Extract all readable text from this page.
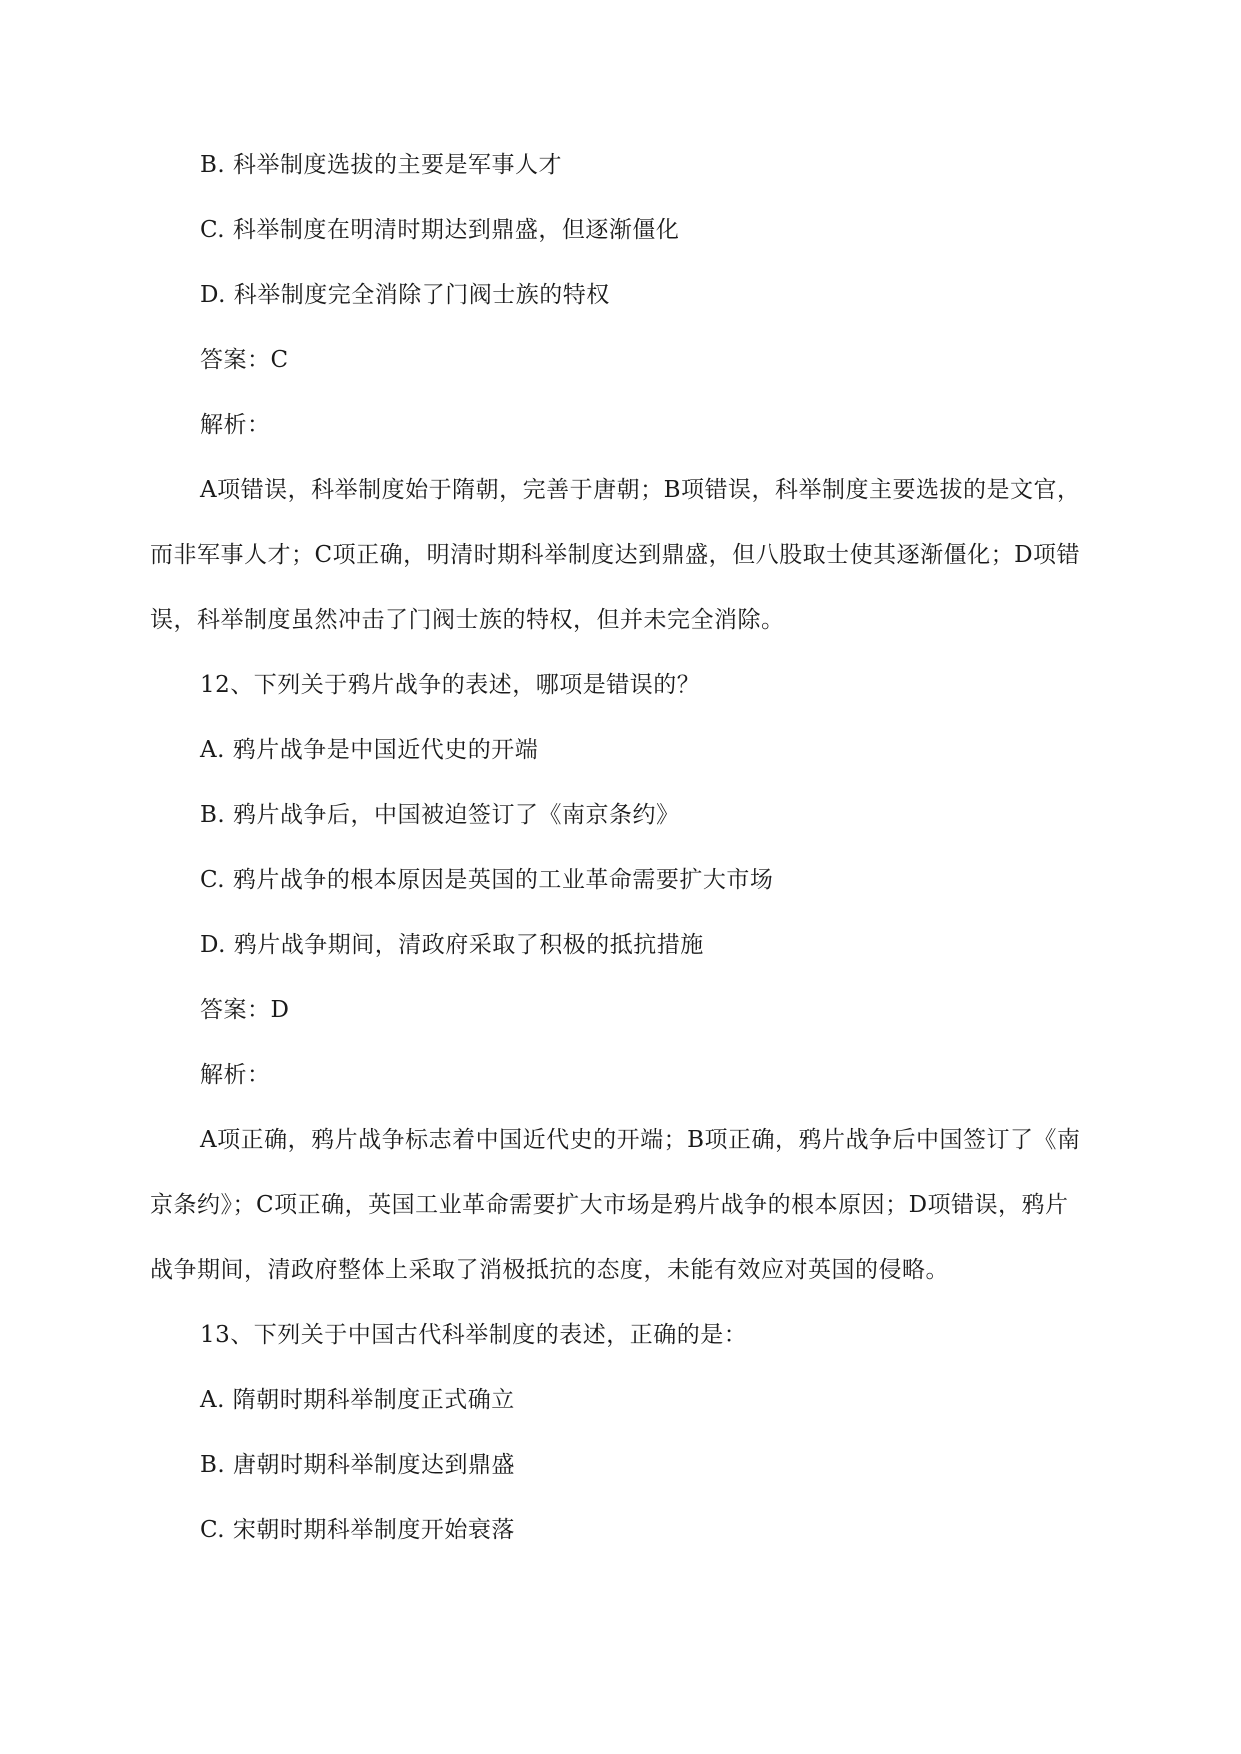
B. 科举制度选拔的主要是军事人才
C. 科举制度在明清时期达到鼎盛，但逐渐僵化
D. 科举制度完全消除了门阀士族的特权
答案：C
解析：
A项错误，科举制度始于隋朝，完善于唐朝；B项错误，科举制度主要选拔的是文官，而非军事人才；C项正确，明清时期科举制度达到鼎盛，但八股取士使其逐渐僵化；D项错误，科举制度虽然冲击了门阀士族的特权，但并未完全消除。
12、下列关于鸦片战争的表述，哪项是错误的？
A. 鸦片战争是中国近代史的开端
B. 鸦片战争后，中国被迫签订了《南京条约》
C. 鸦片战争的根本原因是英国的工业革命需要扩大市场
D. 鸦片战争期间，清政府采取了积极的抵抗措施
答案：D
解析：
A项正确，鸦片战争标志着中国近代史的开端；B项正确，鸦片战争后中国签订了《南京条约》；C项正确，英国工业革命需要扩大市场是鸦片战争的根本原因；D项错误，鸦片战争期间，清政府整体上采取了消极抵抗的态度，未能有效应对英国的侵略。
13、下列关于中国古代科举制度的表述，正确的是：
A. 隋朝时期科举制度正式确立
B. 唐朝时期科举制度达到鼎盛
C. 宋朝时期科举制度开始衰落
